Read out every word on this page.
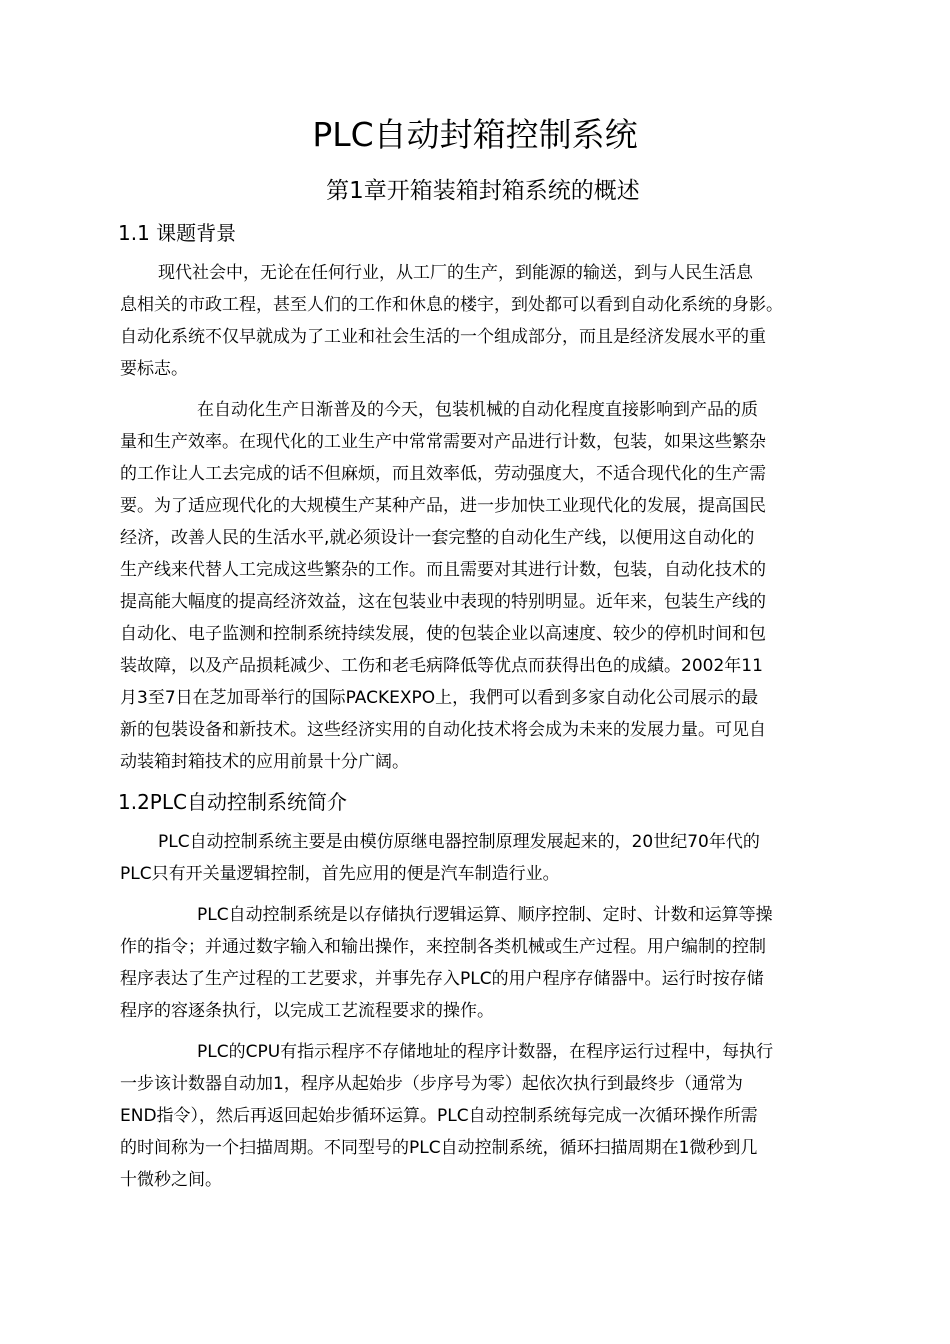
PLC自动封箱控制系统
第1章开箱装箱封箱系统的概述
1.1 课题背景
现代社会中，无论在任何行业，从工厂的生产，到能源的输送，到与人民生活息
息相关的市政工程，甚至人们的工作和休息的楼宇，到处都可以看到自动化系统的身影。
自动化系统不仅早就成为了工业和社会生活的一个组成部分，而且是经济发展水平的重
要标志。
在自动化生产日渐普及的今天，包装机械的自动化程度直接影响到产品的质
量和生产效率。在现代化的工业生产中常常需要对产品进行计数，包装，如果这些繁杂
的工作让人工去完成的话不但麻烦，而且效率低，劳动强度大，不适合现代化的生产需
要。为了适应现代化的大规模生产某种产品，进一步加快工业现代化的发展，提高国民
经济，改善人民的生活水平,就必须设计一套完整的自动化生产线，以便用这自动化的
生产线来代替人工完成这些繁杂的工作。而且需要对其进行计数，包装，自动化技术的
提高能大幅度的提高经济效益，这在包装业中表现的特别明显。近年来，包装生产线的
自动化、电子监测和控制系统持续发展，使的包装企业以高速度、较少的停机时间和包
装故障，以及产品损耗减少、工伤和老毛病降低等优点而获得出色的成績。2002年11
月3至7日在芝加哥举行的国际PACKEXPO上，我們可以看到多家自动化公司展示的最
新的包裝设备和新技术。这些经济实用的自动化技术将会成为未来的发展力量。可见自
动装箱封箱技术的应用前景十分广阔。
1.2PLC自动控制系统简介
PLC自动控制系统主要是由模仿原继电器控制原理发展起来的，20世纪70年代的
PLC只有开关量逻辑控制，首先应用的便是汽车制造行业。
PLC自动控制系统是以存储执行逻辑运算、顺序控制、定时、计数和运算等操
作的指令；并通过数字输入和输出操作，来控制各类机械或生产过程。用户编制的控制
程序表达了生产过程的工艺要求，并事先存入PLC的用户程序存储器中。运行时按存储
程序的容逐条执行，以完成工艺流程要求的操作。
PLC的CPU有指示程序不存储地址的程序计数器，在程序运行过程中，每执行
一步该计数器自动加1，程序从起始步（步序号为零）起依次执行到最终步（通常为
END指令），然后再返回起始步循环运算。PLC自动控制系统每完成一次循环操作所需
的时间称为一个扫描周期。不同型号的PLC自动控制系统，循环扫描周期在1微秒到几
十微秒之间。
